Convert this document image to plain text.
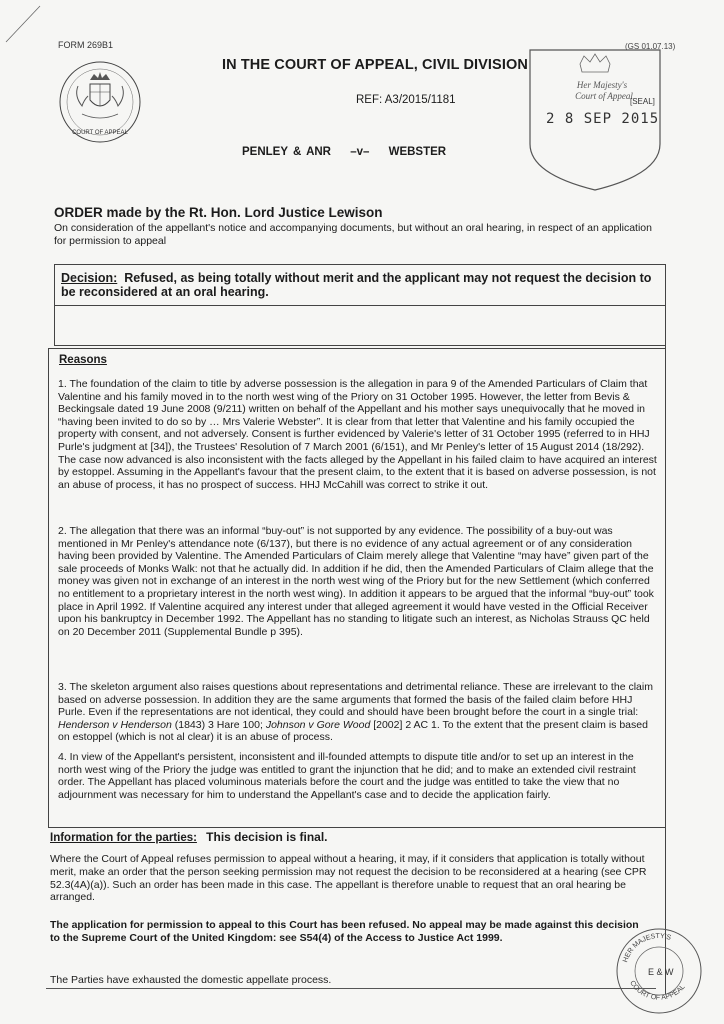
FORM 269B1
COURT OF APPEAL
IN THE COURT OF APPEAL, CIVIL DIVISION
REF: A3/2015/1181
PENLEY & ANR –v– WEBSTER
(GS 01.07.13)
Her Majesty's
Court of Appeal
[SEAL]
2 8 SEP 2015
ORDER made by the Rt. Hon. Lord Justice Lewison
On consideration of the appellant's notice and accompanying documents, but without an oral hearing, in respect of an application for permission to appeal
Decision: Refused, as being totally without merit and the applicant may not request the decision to be reconsidered at an oral hearing.
Reasons
1. The foundation of the claim to title by adverse possession is the allegation in para 9 of the Amended Particulars of Claim that Valentine and his family moved in to the north west wing of the Priory on 31 October 1995. However, the letter from Bevis & Beckingsale dated 19 June 2008 (9/211) written on behalf of the Appellant and his mother says unequivocally that he moved in “having been invited to do so by … Mrs Valerie Webster”. It is clear from that letter that Valentine and his family occupied the property with consent, and not adversely. Consent is further evidenced by Valerie's letter of 31 October 1995 (referred to in HHJ Purle's judgment at [34]), the Trustees' Resolution of 7 March 2001 (6/151), and Mr Penley's letter of 15 August 2014 (18/292). The case now advanced is also inconsistent with the facts alleged by the Appellant in his failed claim to have acquired an interest by estoppel. Assuming in the Appellant's favour that the present claim, to the extent that it is based on adverse possession, is not an abuse of process, it has no prospect of success. HHJ McCahill was correct to strike it out.
2. The allegation that there was an informal “buy-out” is not supported by any evidence. The possibility of a buy-out was mentioned in Mr Penley's attendance note (6/137), but there is no evidence of any actual agreement or of any consideration having been provided by Valentine. The Amended Particulars of Claim merely allege that Valentine “may have” given part of the sale proceeds of Monks Walk: not that he actually did. In addition if he did, then the Amended Particulars of Claim allege that the money was given not in exchange of an interest in the north west wing of the Priory but for the new Settlement (which conferred no entitlement to a proprietary interest in the north west wing). In addition it appears to be argued that the informal “buy-out” took place in April 1992. If Valentine acquired any interest under that alleged agreement it would have vested in the Official Receiver upon his bankruptcy in December 1992. The Appellant has no standing to litigate such an interest, as Nicholas Strauss QC held on 20 December 2011 (Supplemental Bundle p 395).
3. The skeleton argument also raises questions about representations and detrimental reliance. These are irrelevant to the claim based on adverse possession. In addition they are the same arguments that formed the basis of the failed claim before HHJ Purle. Even if the representations are not identical, they could and should have been brought before the court in a single trial: Henderson v Henderson (1843) 3 Hare 100; Johnson v Gore Wood [2002] 2 AC 1. To the extent that the present claim is based on estoppel (which is not al clear) it is an abuse of process.
4. In view of the Appellant's persistent, inconsistent and ill-founded attempts to dispute title and/or to set up an interest in the north west wing of the Priory the judge was entitled to grant the injunction that he did; and to make an extended civil restraint order. The Appellant has placed voluminous materials before the court and the judge was entitled to take the view that no adjournment was necessary for him to understand the Appellant's case and to decide the application fairly.
Information for the parties: This decision is final.
Where the Court of Appeal refuses permission to appeal without a hearing, it may, if it considers that application is totally without merit, make an order that the person seeking permission may not request the decision to be reconsidered at a hearing (see CPR 52.3(4A)(a)). Such an order has been made in this case. The appellant is therefore unable to request that an oral hearing be arranged.
The application for permission to appeal to this Court has been refused. No appeal may be made against this decision to the Supreme Court of the United Kingdom: see S54(4) of the Access to Justice Act 1999.
The Parties have exhausted the domestic appellate process.
HER MAJESTY'S
COURT OF APPEAL
E & W
